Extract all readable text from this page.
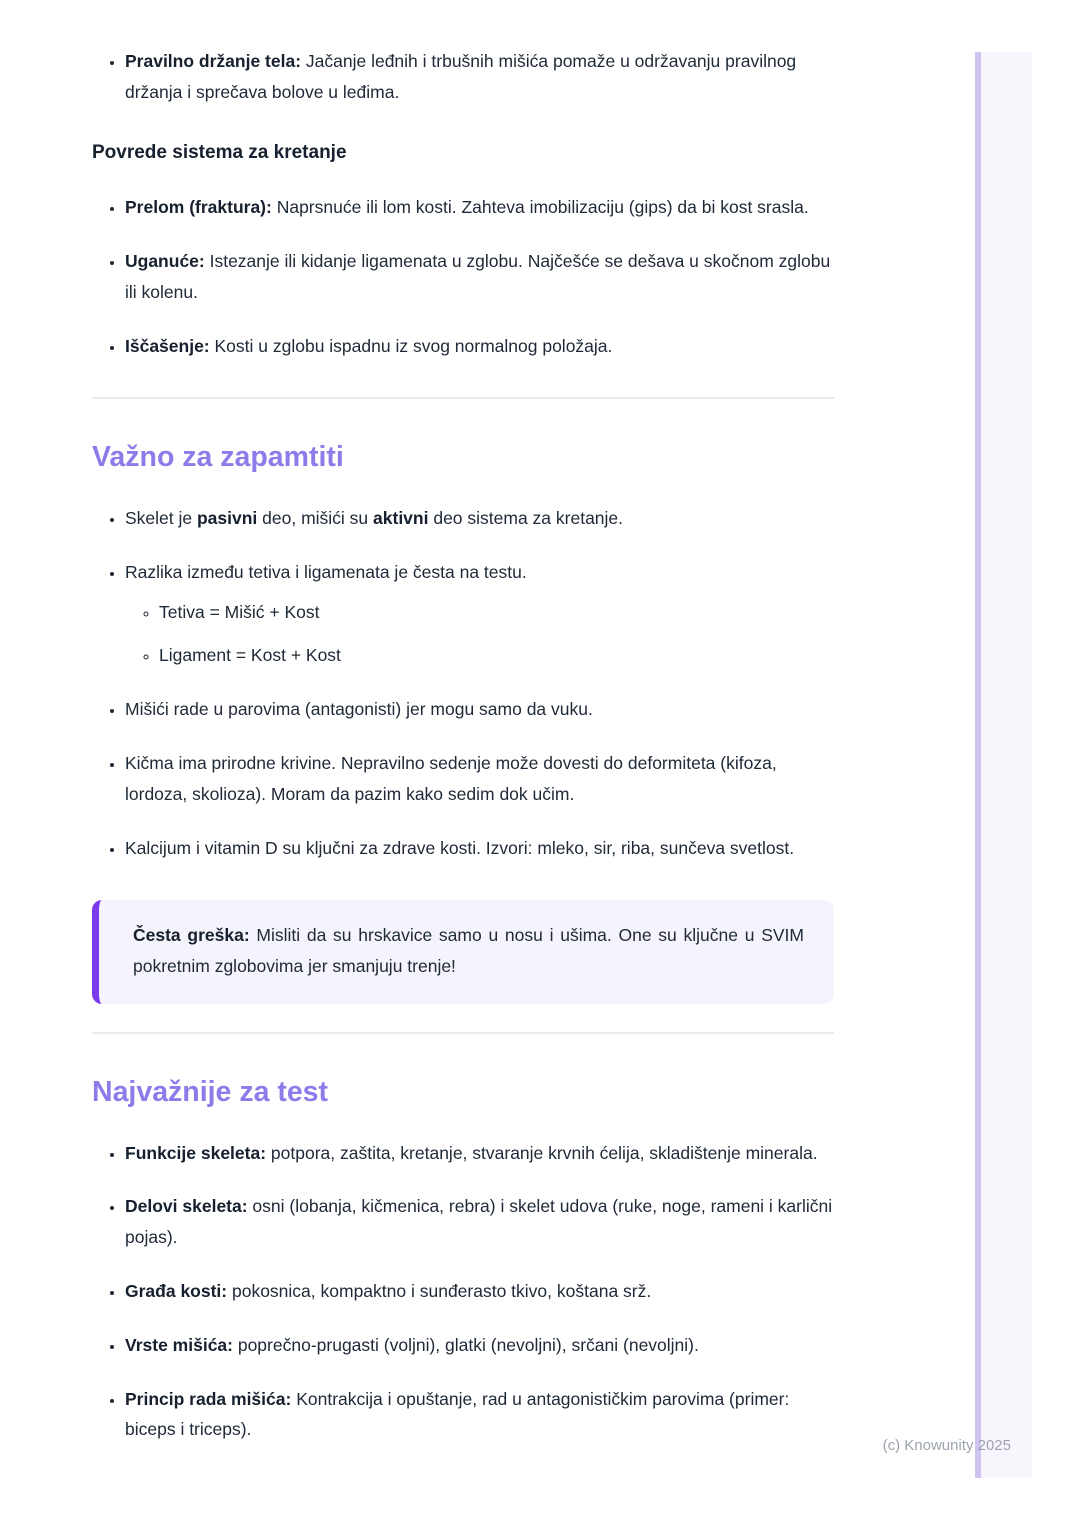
• Pravilno držanje tela: Jačanje leđnih i trbušnih mišića pomaže u održavanju pravilnog držanja i sprečava bolove u leđima.
Povrede sistema za kretanje
• Prelom (fraktura): Naprsnuće ili lom kosti. Zahteva imobilizaciju (gips) da bi kost srasla.
• Uganuće: Istezanje ili kidanje ligamenata u zglobu. Najčešće se dešava u skočnom zglobu ili kolenu.
• Iščašenje: Kosti u zglobu ispadnu iz svog normalnog položaja.
Važno za zapamtiti
• Skelet je pasivni deo, mišići su aktivni deo sistema za kretanje.
• Razlika između tetiva i ligamenata je česta na testu.
◦ Tetiva = Mišić + Kost
◦ Ligament = Kost + Kost
• Mišići rade u parovima (antagonisti) jer mogu samo da vuku.
• Kičma ima prirodne krivine. Nepravilno sedenje može dovesti do deformiteta (kifoza, lordoza, skolioza). Moram da pazim kako sedim dok učim.
• Kalcijum i vitamin D su ključni za zdrave kosti. Izvori: mleko, sir, riba, sunčeva svetlost.
Česta greška: Misliti da su hrskavice samo u nosu i ušima. One su ključne u SVIM pokretnim zglobovima jer smanjuju trenje!
Najvažnije za test
• Funkcije skeleta: potpora, zaštita, kretanje, stvaranje krvnih ćelija, skladištenje minerala.
• Delovi skeleta: osni (lobanja, kičmenica, rebra) i skelet udova (ruke, noge, rameni i karlični pojas).
• Građa kosti: pokosnica, kompaktno i sunđerasto tkivo, koštana srž.
• Vrste mišića: poprečno-prugasti (voljni), glatki (nevoljni), srčani (nevoljni).
• Princip rada mišića: Kontrakcija i opuštanje, rad u antagonističkim parovima (primer: biceps i triceps).
(c) Knowunity 2025
